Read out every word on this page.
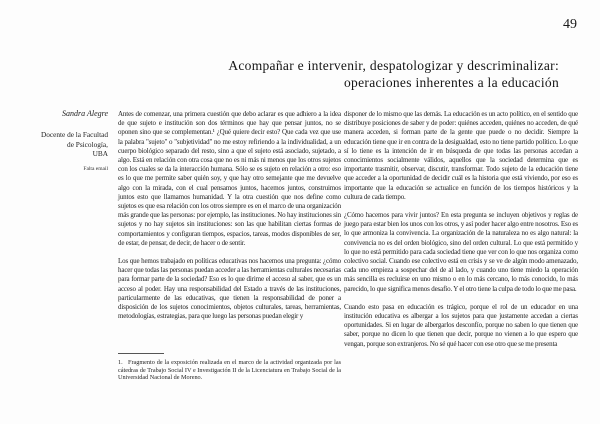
49
Acompañar e intervenir, despatologizar y descriminalizar:
operaciones inherentes a la educación
Sandra Alegre
Docente de la Facultad
de Psicología,
UBA
Falta email

Antes de comenzar, una primera cuestión que debo aclarar es que adhiero a la idea de que sujeto e institución son dos términos que hay que pensar juntos, no se oponen sino que se complementan.¹ ¿Qué quiere decir esto? Que cada vez que use la palabra "sujeto" o "subjetividad" no me estoy refiriendo a la individualidad, a un cuerpo biológico separado del resto, sino a que el sujeto está asociado, sujetado, a algo. Está en relación con otra cosa que no es ni más ni menos que los otros sujetos con los cuales se da la interacción humana. Sólo se es sujeto en relación a otro: eso es lo que me permite saber quién soy, y que hay otro semejante que me devuelve algo con la mirada, con el cual pensamos juntos, hacemos juntos, construimos juntos esto que llamamos humanidad. Y la otra cuestión que nos define como sujetos es que esa relación con los otros siempre es en el marco de una organización más grande que las personas: por ejemplo, las instituciones. No hay instituciones sin sujetos y no hay sujetos sin instituciones: son las que habilitan ciertas formas de comportamientos y configuran tiempos, espacios, tareas, modos disponibles de ser, de estar, de pensar, de decir, de hacer o de sentir.

Los que hemos trabajado en políticas educativas nos hacemos una pregunta: ¿cómo hacer que todas las personas puedan acceder a las herramientas culturales necesarias para formar parte de la sociedad? Eso es lo que dirime el acceso al saber, que es un acceso al poder. Hay una responsabilidad del Estado a través de las instituciones, particularmente de las educativas, que tienen la responsabilidad de poner a disposición de los sujetos conocimientos, objetos culturales, tareas, herramientas, metodologías, estrategias, para que luego las personas puedan elegir y

disponer de lo mismo que las demás. La educación es un acto político, en el sentido que distribuye posiciones de saber y de poder: quiénes acceden, quiénes no acceden, de qué manera acceden, si forman parte de la gente que puede o no decidir. Siempre la educación tiene que ir en contra de la desigualdad, esto no tiene partido político. Lo que sí lo tiene es la intención de ir en búsqueda de que todas las personas accedan a conocimientos socialmente válidos, aquellos que la sociedad determina que es importante trasmitir, observar, discutir, transformar. Todo sujeto de la educación tiene que acceder a la oportunidad de decidir cuál es la historia que está viviendo, por eso es importante que la educación se actualice en función de los tiempos históricos y la cultura de cada tiempo.

¿Cómo hacemos para vivir juntos? En esta pregunta se incluyen objetivos y reglas de juego para estar bien los unos con los otros, y así poder hacer algo entre nosotros. Eso es lo que armoniza la convivencia. La organización de la naturaleza no es algo natural: la convivencia no es del orden biológico, sino del orden cultural. Lo que está permitido y lo que no está permitido para cada sociedad tiene que ver con lo que nos organiza como colectivo social. Cuando ese colectivo está en crisis y se ve de algún modo amenazado, cada uno empieza a sospechar del de al lado, y cuando uno tiene miedo la operación más sencilla es recluirse en uno mismo o en lo más cercano, lo más conocido, lo más parecido, lo que significa menos desafío. Y el otro tiene la culpa de todo lo que me pasa.

Cuando esto pasa en educación es trágico, porque el rol de un educador en una institución educativa es albergar a los sujetos para que justamente accedan a ciertas oportunidades. Si en lugar de albergarlos desconfío, porque no saben lo que tienen que saber, porque no dicen lo que tienen que decir, porque no vienen a lo que espero que vengan, porque son extranjeros. No sé qué hacer con ese otro que se me presenta

1. Fragmento de la exposición realizada en el marco de la actividad organizada por las cátedras de Trabajo Social IV e Investigación II de la Licenciatura en Trabajo Social de la Universidad Nacional de Moreno.
